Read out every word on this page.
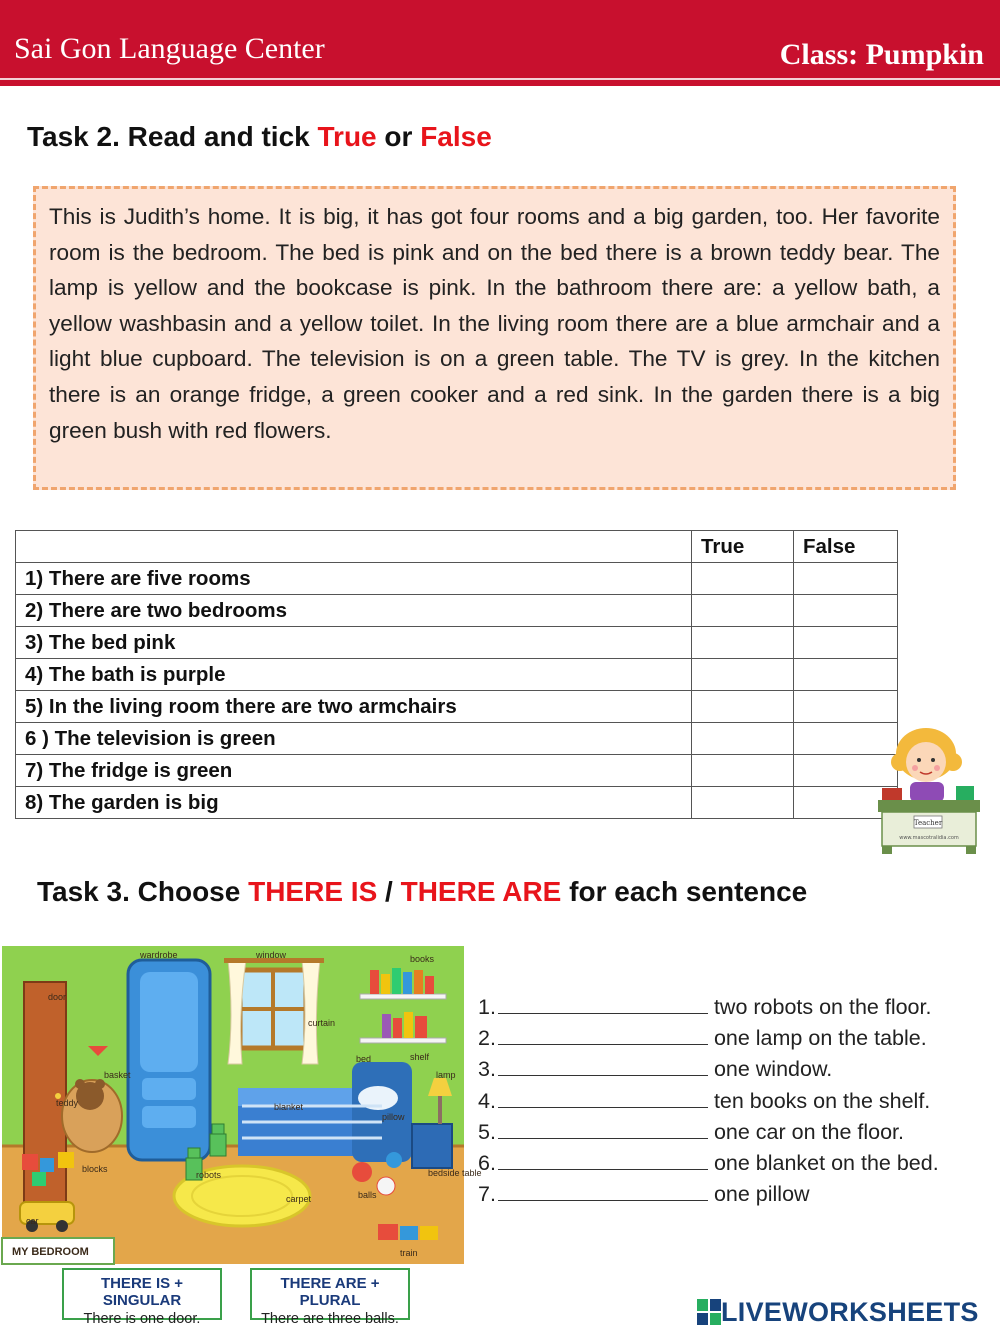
Sai Gon Language Center	Class: Pumpkin
Task 2. Read and tick True or False

This is Judith’s home. It is big, it has got four rooms and a big garden, too. Her favorite room is the bedroom. The bed is pink and on the bed there is a brown teddy bear. The lamp is yellow and the bookcase is pink. In the bathroom there are: a yellow bath, a yellow washbasin and a yellow toilet. In the living room there are a blue armchair and a light blue cupboard. The television is on a green table. The TV is grey. In the kitchen there is an orange fridge, a green cooker and a red sink. In the garden there is a big green bush with red flowers.

	True	False
1) There are five rooms		
2) There are two bedrooms		
3) The bed pink		
4) The bath is purple		
5) In the living room there are two armchairs		
6 ) The television is green		
7) The fridge is green		
8) The garden is big		
Teacher
www.mascotralidia.com
Task 3. Choose THERE IS / THERE ARE for each sentence
MY BEDROOM
wardrobe	window	books
door
curtain
bed	shelf
lamp
basket
teddy	blanket
pillow
robots
blocks	bedside table
carpet	balls
car
train
1.	two robots on the floor.
2.	one lamp on the table.
3.	one window.
4.	ten books on the shelf.
5.	one car on the floor.
6.	one blanket on the bed.
7.	one pillow
THERE IS + SINGULAR
There is one door.
THERE ARE + PLURAL
There are three balls.	LIVEWORKSHEETS
